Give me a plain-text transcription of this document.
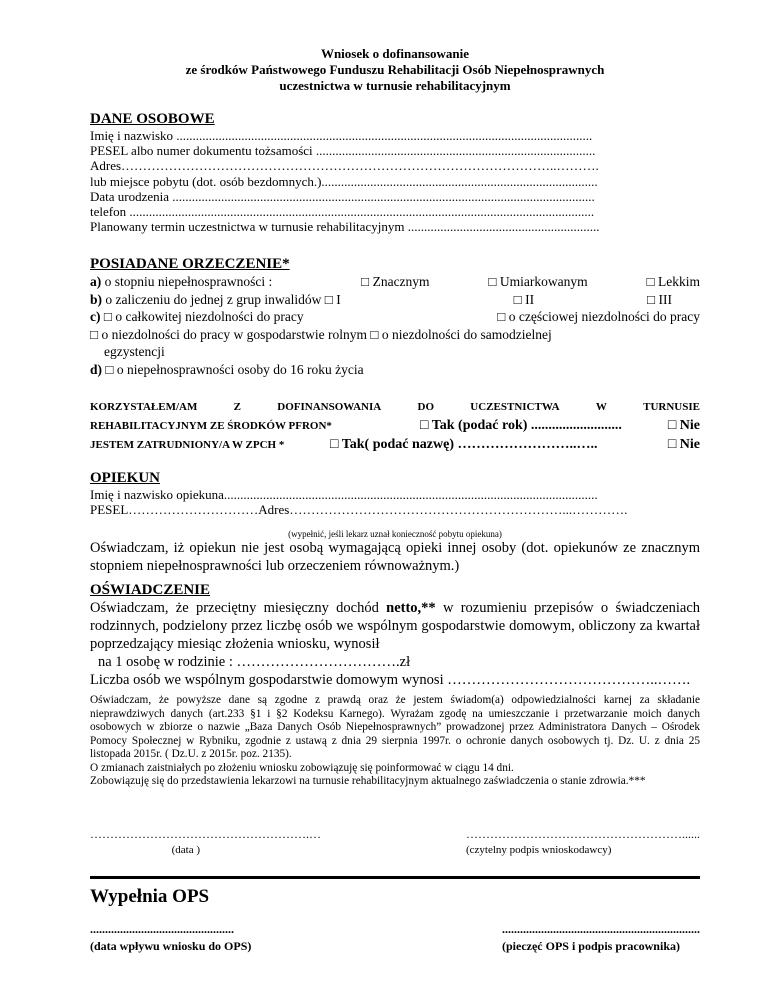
Wniosek o dofinansowanie
ze środków Państwowego Funduszu Rehabilitacji Osób Niepełnosprawnych
uczestnictwa w turnusie rehabilitacyjnym
DANE OSOBOWE
Imię i nazwisko ................................................................................................................................
PESEL albo numer dokumentu tożsamości ......................................................................................
Adres………………………………………………………………………………………..……….
lub miejsce pobytu (dot. osób bezdomnych.).....................................................................................
Data urodzenia ..................................................................................................................................
telefon ...............................................................................................................................................
Planowany termin uczestnictwa w turnusie rehabilitacyjnym ...........................................................
POSIADANE ORZECZENIE*
a) o stopniu niepełnosprawności :	□ Znacznym	□ Umiarkowanym	□ Lekkim
b) o zaliczeniu do jednej z grup inwalidów □ I	□ II	□ III
c) □ o całkowitej niezdolności do pracy	□ o częściowej niezdolności do pracy
□ o niezdolności do pracy w gospodarstwie rolnym □ o niezdolności do samodzielnej
egzystencji
d) □ o niepełnosprawności osoby do 16 roku życia
KORZYSTAŁEM/AM	Z	DOFINANSOWANIA	DO	UCZESTNICTWA	W	TURNUSIE
REHABILITACYJNYM ZE ŚRODKÓW PFRON*	□ Tak (podać rok) ..........................	□ Nie
JESTEM ZATRUDNIONY/A W ZPCH *	□ Tak( podać nazwę) ……………………..…..	□ Nie
OPIEKUN
Imię i nazwisko opiekuna...................................................................................................................
PESEL…………………………Adres………………………………………………………...………….
(wypełnić, jeśli lekarz uznał konieczność pobytu opiekuna)
Oświadczam, iż opiekun nie jest osobą wymagającą opieki innej osoby (dot. opiekunów ze znacznym stopniem niepełnosprawności lub orzeczeniem równoważnym.)
OŚWIADCZENIE
Oświadczam, że przeciętny miesięczny dochód netto,** w rozumieniu przepisów o świadczeniach rodzinnych, podzielony przez liczbę osób we wspólnym gospodarstwie domowym, obliczony za kwartał poprzedzający miesiąc złożenia wniosku, wynosił
na 1 osobę w rodzinie : …………………………….zł
Liczba osób we wspólnym gospodarstwie domowym wynosi ……………………………………..…….
Oświadczam, że powyższe dane są zgodne z prawdą oraz że jestem świadom(a) odpowiedzialności karnej za składanie nieprawdziwych danych (art.233 §1 i §2 Kodeksu Karnego). Wyrażam zgodę na umieszczanie i przetwarzanie moich danych osobowych w zbiorze o nazwie „Baza Danych Osób Niepełnosprawnych” prowadzonej przez Administratora Danych – Ośrodek Pomocy Społecznej w Rybniku, zgodnie z ustawą z dnia 29 sierpnia 1997r. o ochronie danych osobowych tj. Dz. U. z dnia 25 listopada 2015r. ( Dz.U. z 2015r. poz. 2135).
O zmianach zaistniałych po złożeniu wniosku zobowiązuję się poinformować w ciągu 14 dni.
Zobowiązuję się do przedstawienia lekarzowi na turnusie rehabilitacyjnym aktualnego zaświadczenia o stanie zdrowia.***
……………………………………………….…	………………………………………………......
(data )	(czytelny podpis wnioskodawcy)
Wypełnia OPS
................................................	..................................................................
(data wpływu wniosku do OPS)	(pieczęć OPS i podpis pracownika)
